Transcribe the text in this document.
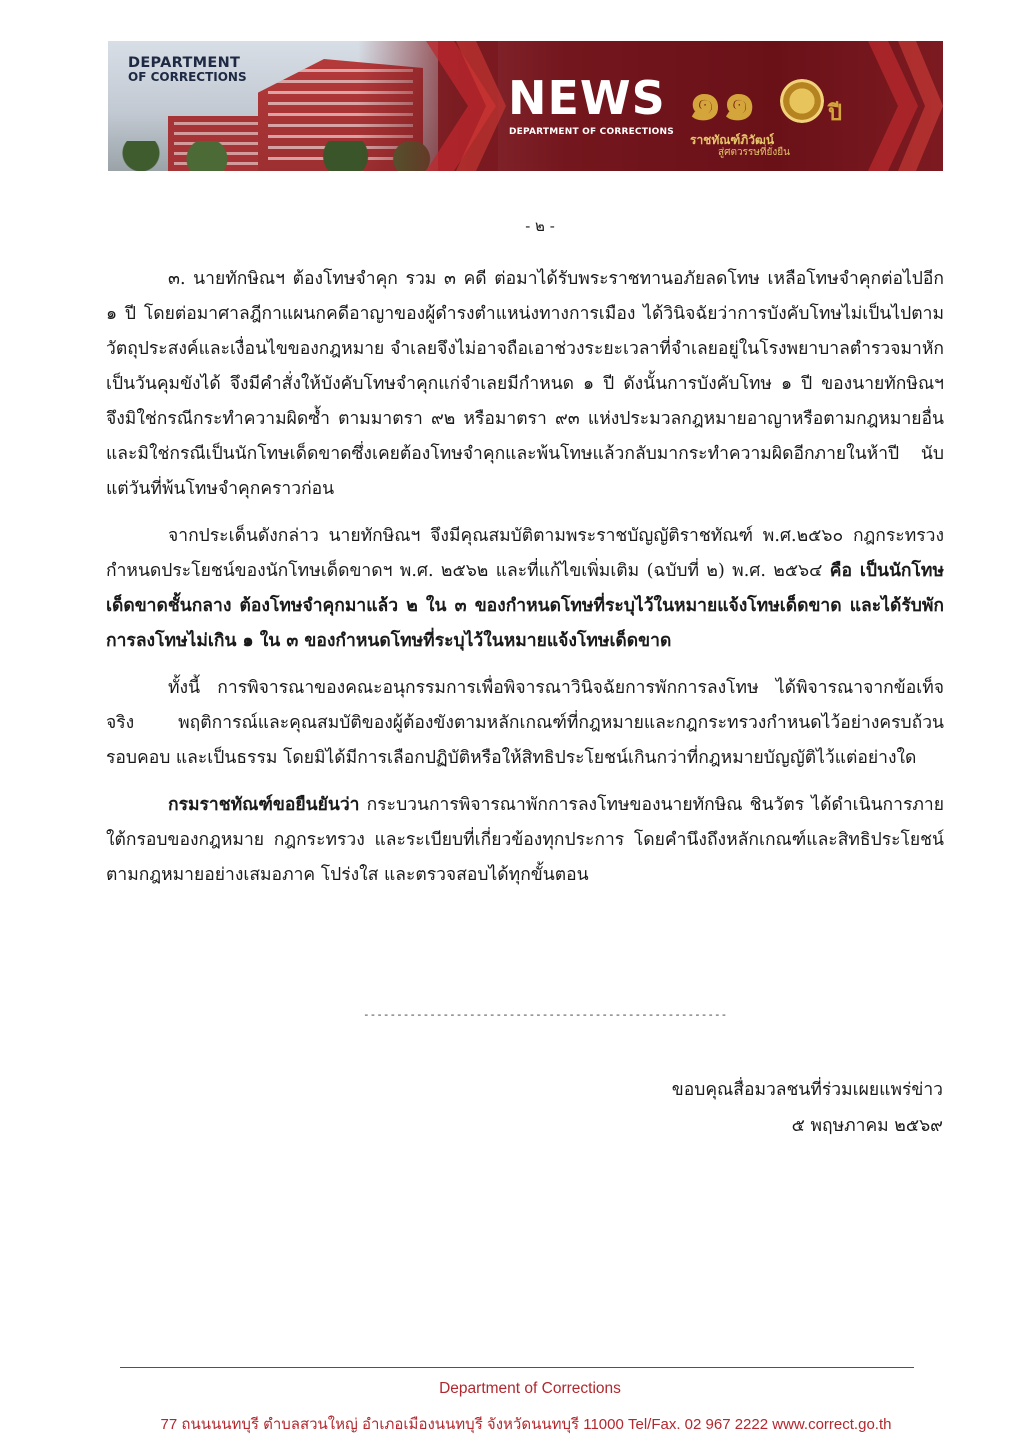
DEPARTMENT
OF CORRECTIONS	NEWS
DEPARTMENT OF CORRECTIONS ๑๑	ปี
ราชทัณฑ์ภิวัฒน์
สู่ศตวรรษที่ยั่งยืน
- ๒ -

๓. นายทักษิณฯ ต้องโทษจำคุก รวม ๓ คดี ต่อมาได้รับพระราชทานอภัยลดโทษ เหลือโทษจำคุกต่อไปอีก ๑ ปี โดยต่อมาศาลฎีกาแผนกคดีอาญาของผู้ดำรงตำแหน่งทางการเมือง ได้วินิจฉัยว่าการบังคับโทษไม่เป็นไปตามวัตถุประสงค์และเงื่อนไขของกฎหมาย จำเลยจึงไม่อาจถือเอาช่วงระยะเวลาที่จำเลยอยู่ในโรงพยาบาลตำรวจมาหักเป็นวันคุมขังได้ จึงมีคำสั่งให้บังคับโทษจำคุกแก่จำเลยมีกำหนด ๑ ปี ดังนั้นการบังคับโทษ ๑ ปี ของนายทักษิณฯ จึงมิใช่กรณีกระทำความผิดซ้ำ ตามมาตรา ๙๒ หรือมาตรา ๙๓ แห่งประมวลกฎหมายอาญาหรือตามกฎหมายอื่น และมิใช่กรณีเป็นนักโทษเด็ดขาดซึ่งเคยต้องโทษจำคุกและพ้นโทษแล้วกลับมากระทำความผิดอีกภายในห้าปี นับแต่วันที่พ้นโทษจำคุกคราวก่อน

จากประเด็นดังกล่าว นายทักษิณฯ จึงมีคุณสมบัติตามพระราชบัญญัติราชทัณฑ์ พ.ศ.๒๕๖๐ กฎกระทรวงกำหนดประโยชน์ของนักโทษเด็ดขาดฯ พ.ศ. ๒๕๖๒ และที่แก้ไขเพิ่มเติม (ฉบับที่ ๒) พ.ศ. ๒๕๖๔ คือ เป็นนักโทษเด็ดขาดชั้นกลาง ต้องโทษจำคุกมาแล้ว ๒ ใน ๓ ของกำหนดโทษที่ระบุไว้ในหมายแจ้งโทษเด็ดขาด และได้รับพักการลงโทษไม่เกิน ๑ ใน ๓ ของกำหนดโทษที่ระบุไว้ในหมายแจ้งโทษเด็ดขาด

ทั้งนี้ การพิจารณาของคณะอนุกรรมการเพื่อพิจารณาวินิจฉัยการพักการลงโทษ ได้พิจารณาจากข้อเท็จจริง พฤติการณ์และคุณสมบัติของผู้ต้องขังตามหลักเกณฑ์ที่กฎหมายและกฎกระทรวงกำหนดไว้อย่างครบถ้วน รอบคอบ และเป็นธรรม โดยมิได้มีการเลือกปฏิบัติหรือให้สิทธิประโยชน์เกินกว่าที่กฎหมายบัญญัติไว้แต่อย่างใด

กรมราชทัณฑ์ขอยืนยันว่า กระบวนการพิจารณาพักการลงโทษของนายทักษิณ ชินวัตร ได้ดำเนินการภายใต้กรอบของกฎหมาย กฎกระทรวง และระเบียบที่เกี่ยวข้องทุกประการ โดยคำนึงถึงหลักเกณฑ์และสิทธิประโยชน์ตามกฎหมายอย่างเสมอภาค โปร่งใส และตรวจสอบได้ทุกขั้นตอน

-------------------------------------------------------
ขอบคุณสื่อมวลชนที่ร่วมเผยแพร่ข่าว
๕ พฤษภาคม ๒๕๖๙
Department of Corrections
77 ถนนนนทบุรี ตำบลสวนใหญ่ อำเภอเมืองนนทบุรี จังหวัดนนทบุรี 11000 Tel/Fax. 02 967 2222 www.correct.go.th
